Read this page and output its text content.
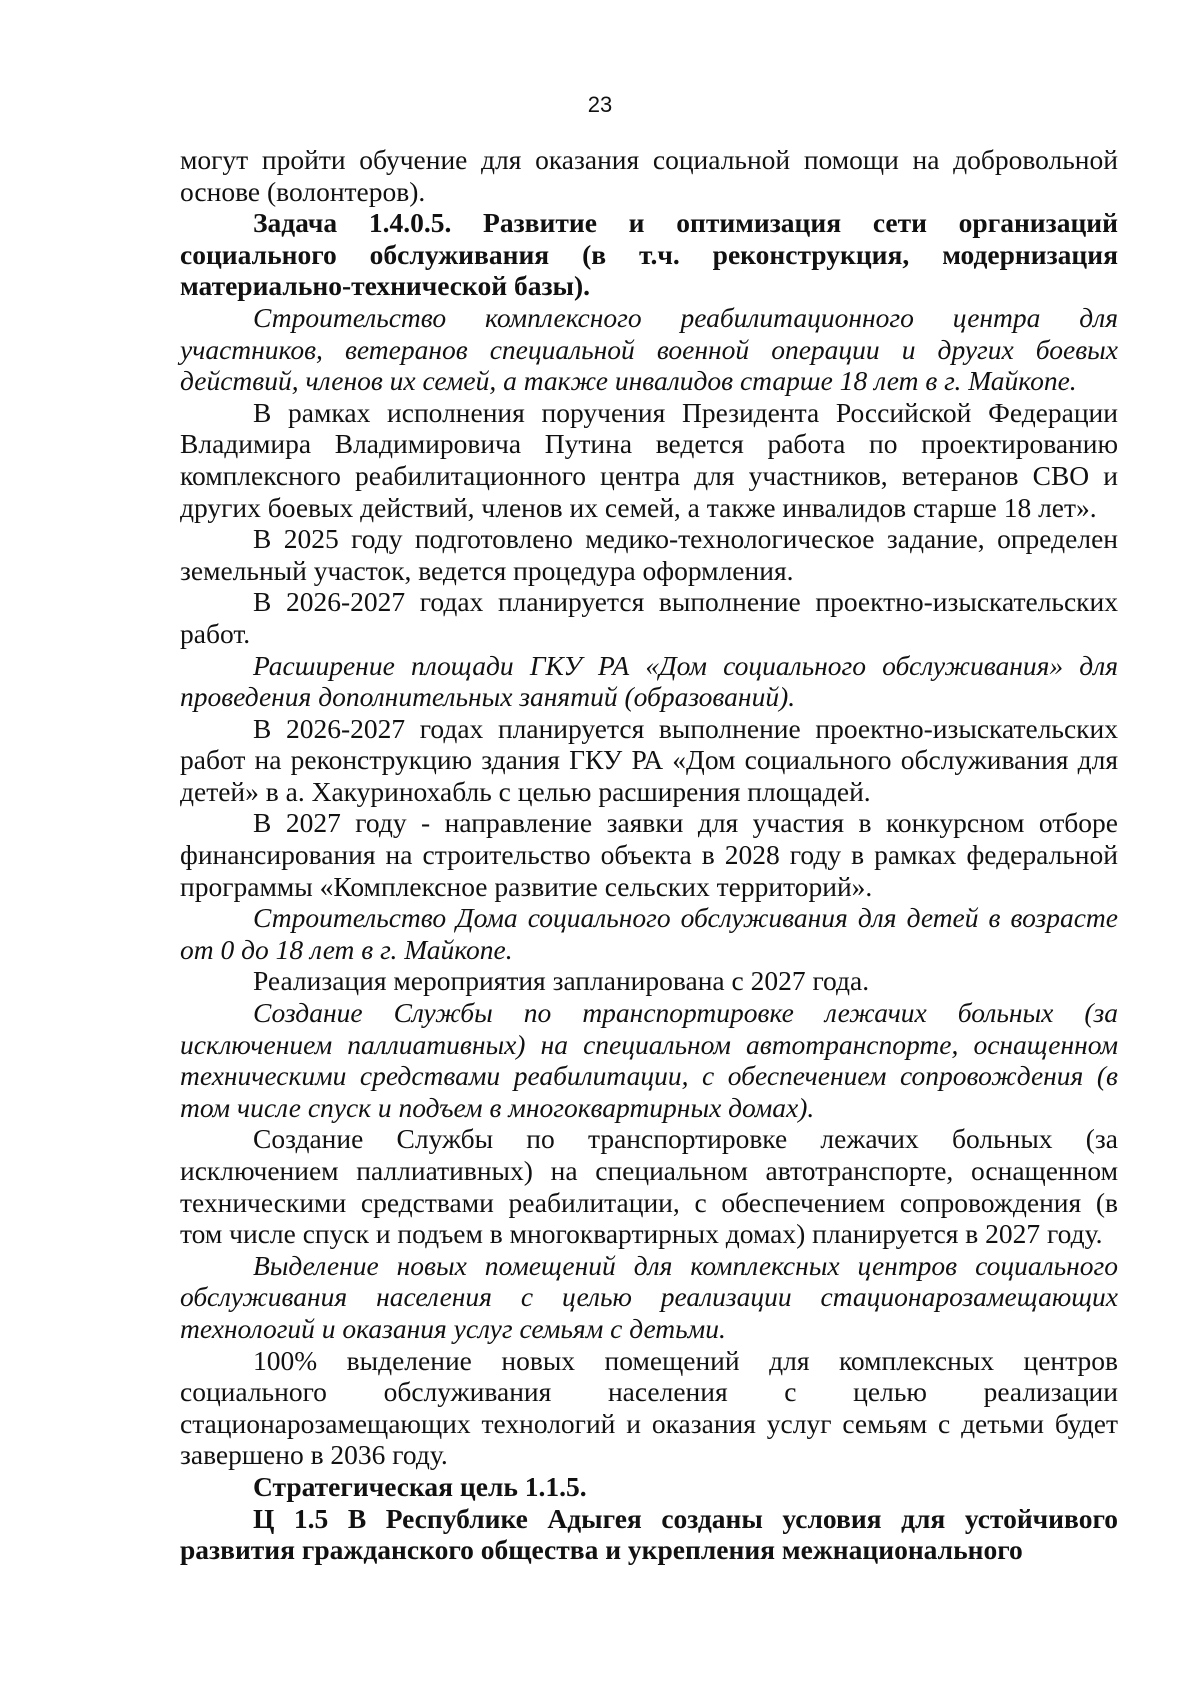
23

могут пройти обучение для оказания социальной помощи на добровольной основе (волонтеров).

Задача 1.4.0.5. Развитие и оптимизация сети организаций социального обслуживания (в т.ч. реконструкция, модернизация материально-технической базы).

Строительство комплексного реабилитационного центра для участников, ветеранов специальной военной операции и других боевых действий, членов их семей, а также инвалидов старше 18 лет в г. Майкопе.

В рамках исполнения поручения Президента Российской Федерации Владимира Владимировича Путина ведется работа по проектированию комплексного реабилитационного центра для участников, ветеранов СВО и других боевых действий, членов их семей, а также инвалидов старше 18 лет».

В 2025 году подготовлено медико-технологическое задание, определен земельный участок, ведется процедура оформления.

В 2026-2027 годах планируется выполнение проектно-изыскательских работ.

Расширение площади ГКУ РА «Дом социального обслуживания» для проведения дополнительных занятий (образований).

В 2026-2027 годах планируется выполнение проектно-изыскательских работ на реконструкцию здания ГКУ РА «Дом социального обслуживания для детей» в а. Хакуринохабль с целью расширения площадей.

В 2027 году - направление заявки для участия в конкурсном отборе финансирования на строительство объекта в 2028 году в рамках федеральной программы «Комплексное развитие сельских территорий».

Строительство Дома социального обслуживания для детей в возрасте от 0 до 18 лет в г. Майкопе.

Реализация мероприятия запланирована с 2027 года.

Создание Службы по транспортировке лежачих больных (за исключением паллиативных) на специальном автотранспорте, оснащенном техническими средствами реабилитации, с обеспечением сопровождения (в том числе спуск и подъем в многоквартирных домах).

Создание Службы по транспортировке лежачих больных (за исключением паллиативных) на специальном автотранспорте, оснащенном техническими средствами реабилитации, с обеспечением сопровождения (в том числе спуск и подъем в многоквартирных домах) планируется в 2027 году.

Выделение новых помещений для комплексных центров социального обслуживания населения с целью реализации стационарозамещающих технологий и оказания услуг семьям с детьми.

100% выделение новых помещений для комплексных центров социального обслуживания населения с целью реализации стационарозамещающих технологий и оказания услуг семьям с детьми будет завершено в 2036 году.

Стратегическая цель 1.1.5.

Ц 1.5 В Республике Адыгея созданы условия для устойчивого развития гражданского общества и укрепления межнационального
